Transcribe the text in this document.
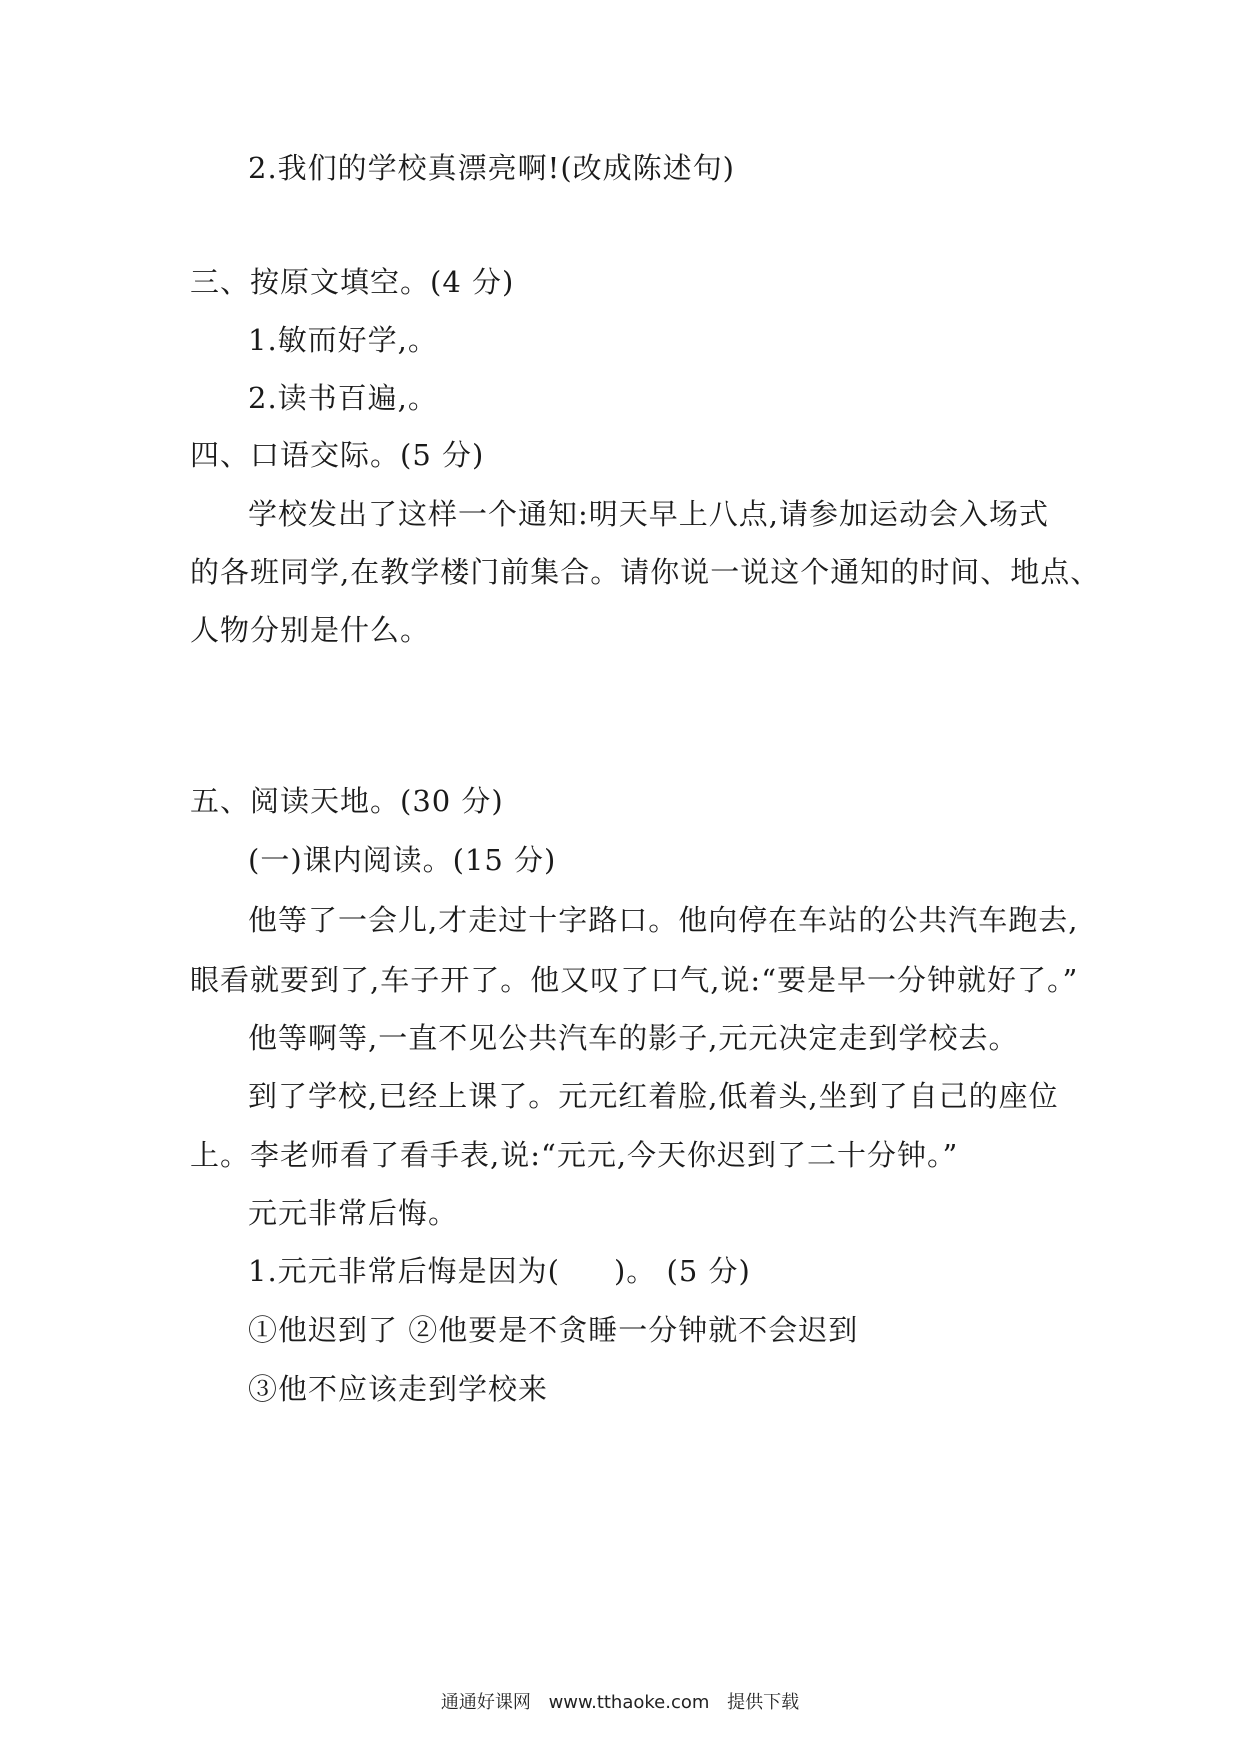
2.我们的学校真漂亮啊!(改成陈述句)
三、按原文填空。(4 分)
1.敏而好学,。
2.读书百遍,。
四、口语交际。(5 分)
学校发出了这样一个通知:明天早上八点,请参加运动会入场式
的各班同学,在教学楼门前集合。请你说一说这个通知的时间、地点、
人物分别是什么。
五、阅读天地。(30 分)
(一)课内阅读。(15 分)
他等了一会儿,才走过十字路口。他向停在车站的公共汽车跑去,
眼看就要到了,车子开了。他又叹了口气,说:“要是早一分钟就好了。”
他等啊等,一直不见公共汽车的影子,元元决定走到学校去。
到了学校,已经上课了。元元红着脸,低着头,坐到了自己的座位
上。李老师看了看手表,说:“元元,今天你迟到了二十分钟。”
元元非常后悔。
1.元元非常后悔是因为( )。 (5 分)
①他迟到了 ②他要是不贪睡一分钟就不会迟到
③他不应该走到学校来
通通好课网 www.tthaoke.com 提供下载
